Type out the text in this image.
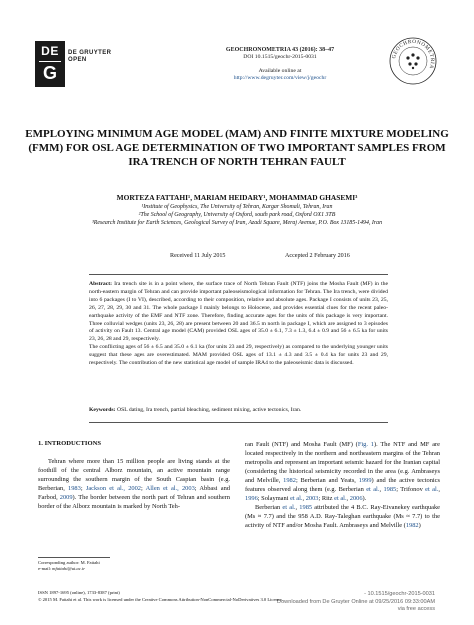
DE
G
DE GRUYTER
OPEN
GEOCHRONOMETRIA 43 (2016): 38–47
DOI 10.1515/geochr-2015-0031
Available online at
http://www.degruyter.com/view/j/geochr
GEOCHRONOMETRIA
EMPLOYING MINIMUM AGE MODEL (MAM) AND FINITE MIXTURE MODELING (FMM) FOR OSL AGE DETERMINATION OF TWO IMPORTANT SAMPLES FROM IRA TRENCH OF NORTH TEHRAN FAULT
MORTEZA FATTAHI¹, MARIAM HEIDARY¹, MOHAMMAD GHASEMI³
¹Institute of Geophysics, The University of Tehran, Kargar Shomali, Tehran, Iran
²The School of Geography, University of Oxford, south park road, Oxford OX1 3TB
³Research Institute for Earth Sciences, Geological Survey of Iran, Azadi Square, Meraj Avenue, P.O. Box 13185-1494, Iran
Received 11 July 2015	Accepted 2 February 2016

Abstract: Ira trench site is in a point where, the surface trace of North Tehran Fault (NTF) joins the Mosha Fault (MF) in the north-eastern margin of Tehran and can provide important paleoseismological information for Tehran. The Ira trench, were divided into 6 packages (I to VI), described, according to their composition, relative and absolute ages. Package I consists of units 23, 25, 26, 27, 28, 29, 30 and 31. The whole package I mainly belongs to Holocene, and provides essential clues for the recent paleo-earthquake activity of the EMF and NTF zone. Therefore, finding accurate ages for the units of this package is very important. Three colluvial wedges (units 23, 26, 28) are present between 20 and 36.5 m north in package I, which are assigned to 3 episodes of activity on Fault 13. Central age model (CAM) provided OSL ages of 35.0 ± 6.1, 7.3 ± 1.3, 6.4 ± 0.9 and 56 ± 6.5 ka for units 23, 26, 28 and 29, respectively.

The conflicting ages of 56 ± 6.5 and 35.0 ± 6.1 ka (for units 23 and 29, respectively) as compared to the underlying younger units suggest that these ages are overestimated. MAM provided OSL ages of 13.1 ± 4.3 and 3.5 ± 0.4 ka for units 23 and 29, respectively. The contribution of the new statistical age model of sample IRA4 to the paleoseismic data is discussed.

Keywords: OSL dating, Ira trench, partial bleaching, sediment mixing, active tectonics, Iran.
1. INTRODUCTIONS
Tehran where more than 15 million people are living stands at the foothill of the central Alborz mountain, an active mountain range surrounding the southern margin of the South Caspian basin (e.g. Berberian, 1983; Jackson et al., 2002; Allen et al., 2003; Abbasi and Farbod, 2009). The border between the north part of Tehran and southern border of the Alborz mountain is marked by North Teh-
ran Fault (NTF) and Mosha Fault (MF) (Fig. 1). The NTF and MF are located respectively in the northern and northeastern margins of the Tehran metropolis and represent an important seismic hazard for the Iranian capital (considering the historical seismicity recorded in the area (e.g. Ambraseys and Melville, 1982; Berberian and Yeats, 1999) and the active tectonics features observed along them (e.g. Berberian et al., 1985; Trifonov et al., 1996; Solaymani et al., 2003; Ritz et al., 2006).
Berberian et al., 1985 attributed the 4 B.C. Ray-Eivanekey earthquake (Ms ≈ 7.7) and the 958 A.D. Ray-Taleghan earthquake (Ms ≈ 7.7) to the activity of NTF and/or Mosha Fault. Ambraseys and Melville (1982)
Corresponding author: M. Fattahi
e-mail: mfattahi@ut.ac.ir
ISSN 1897-1695 (online), 1733-8387 (print)
© 2015 M. Fattahi et al. This work is licensed under the Creative Commons Attribution-NonCommercial-NoDerivatives 3.0 License.
- 10.1515/geochr-2015-0031
Downloaded from De Gruyter Online at 09/25/2016 09:33:00AM
via free access
